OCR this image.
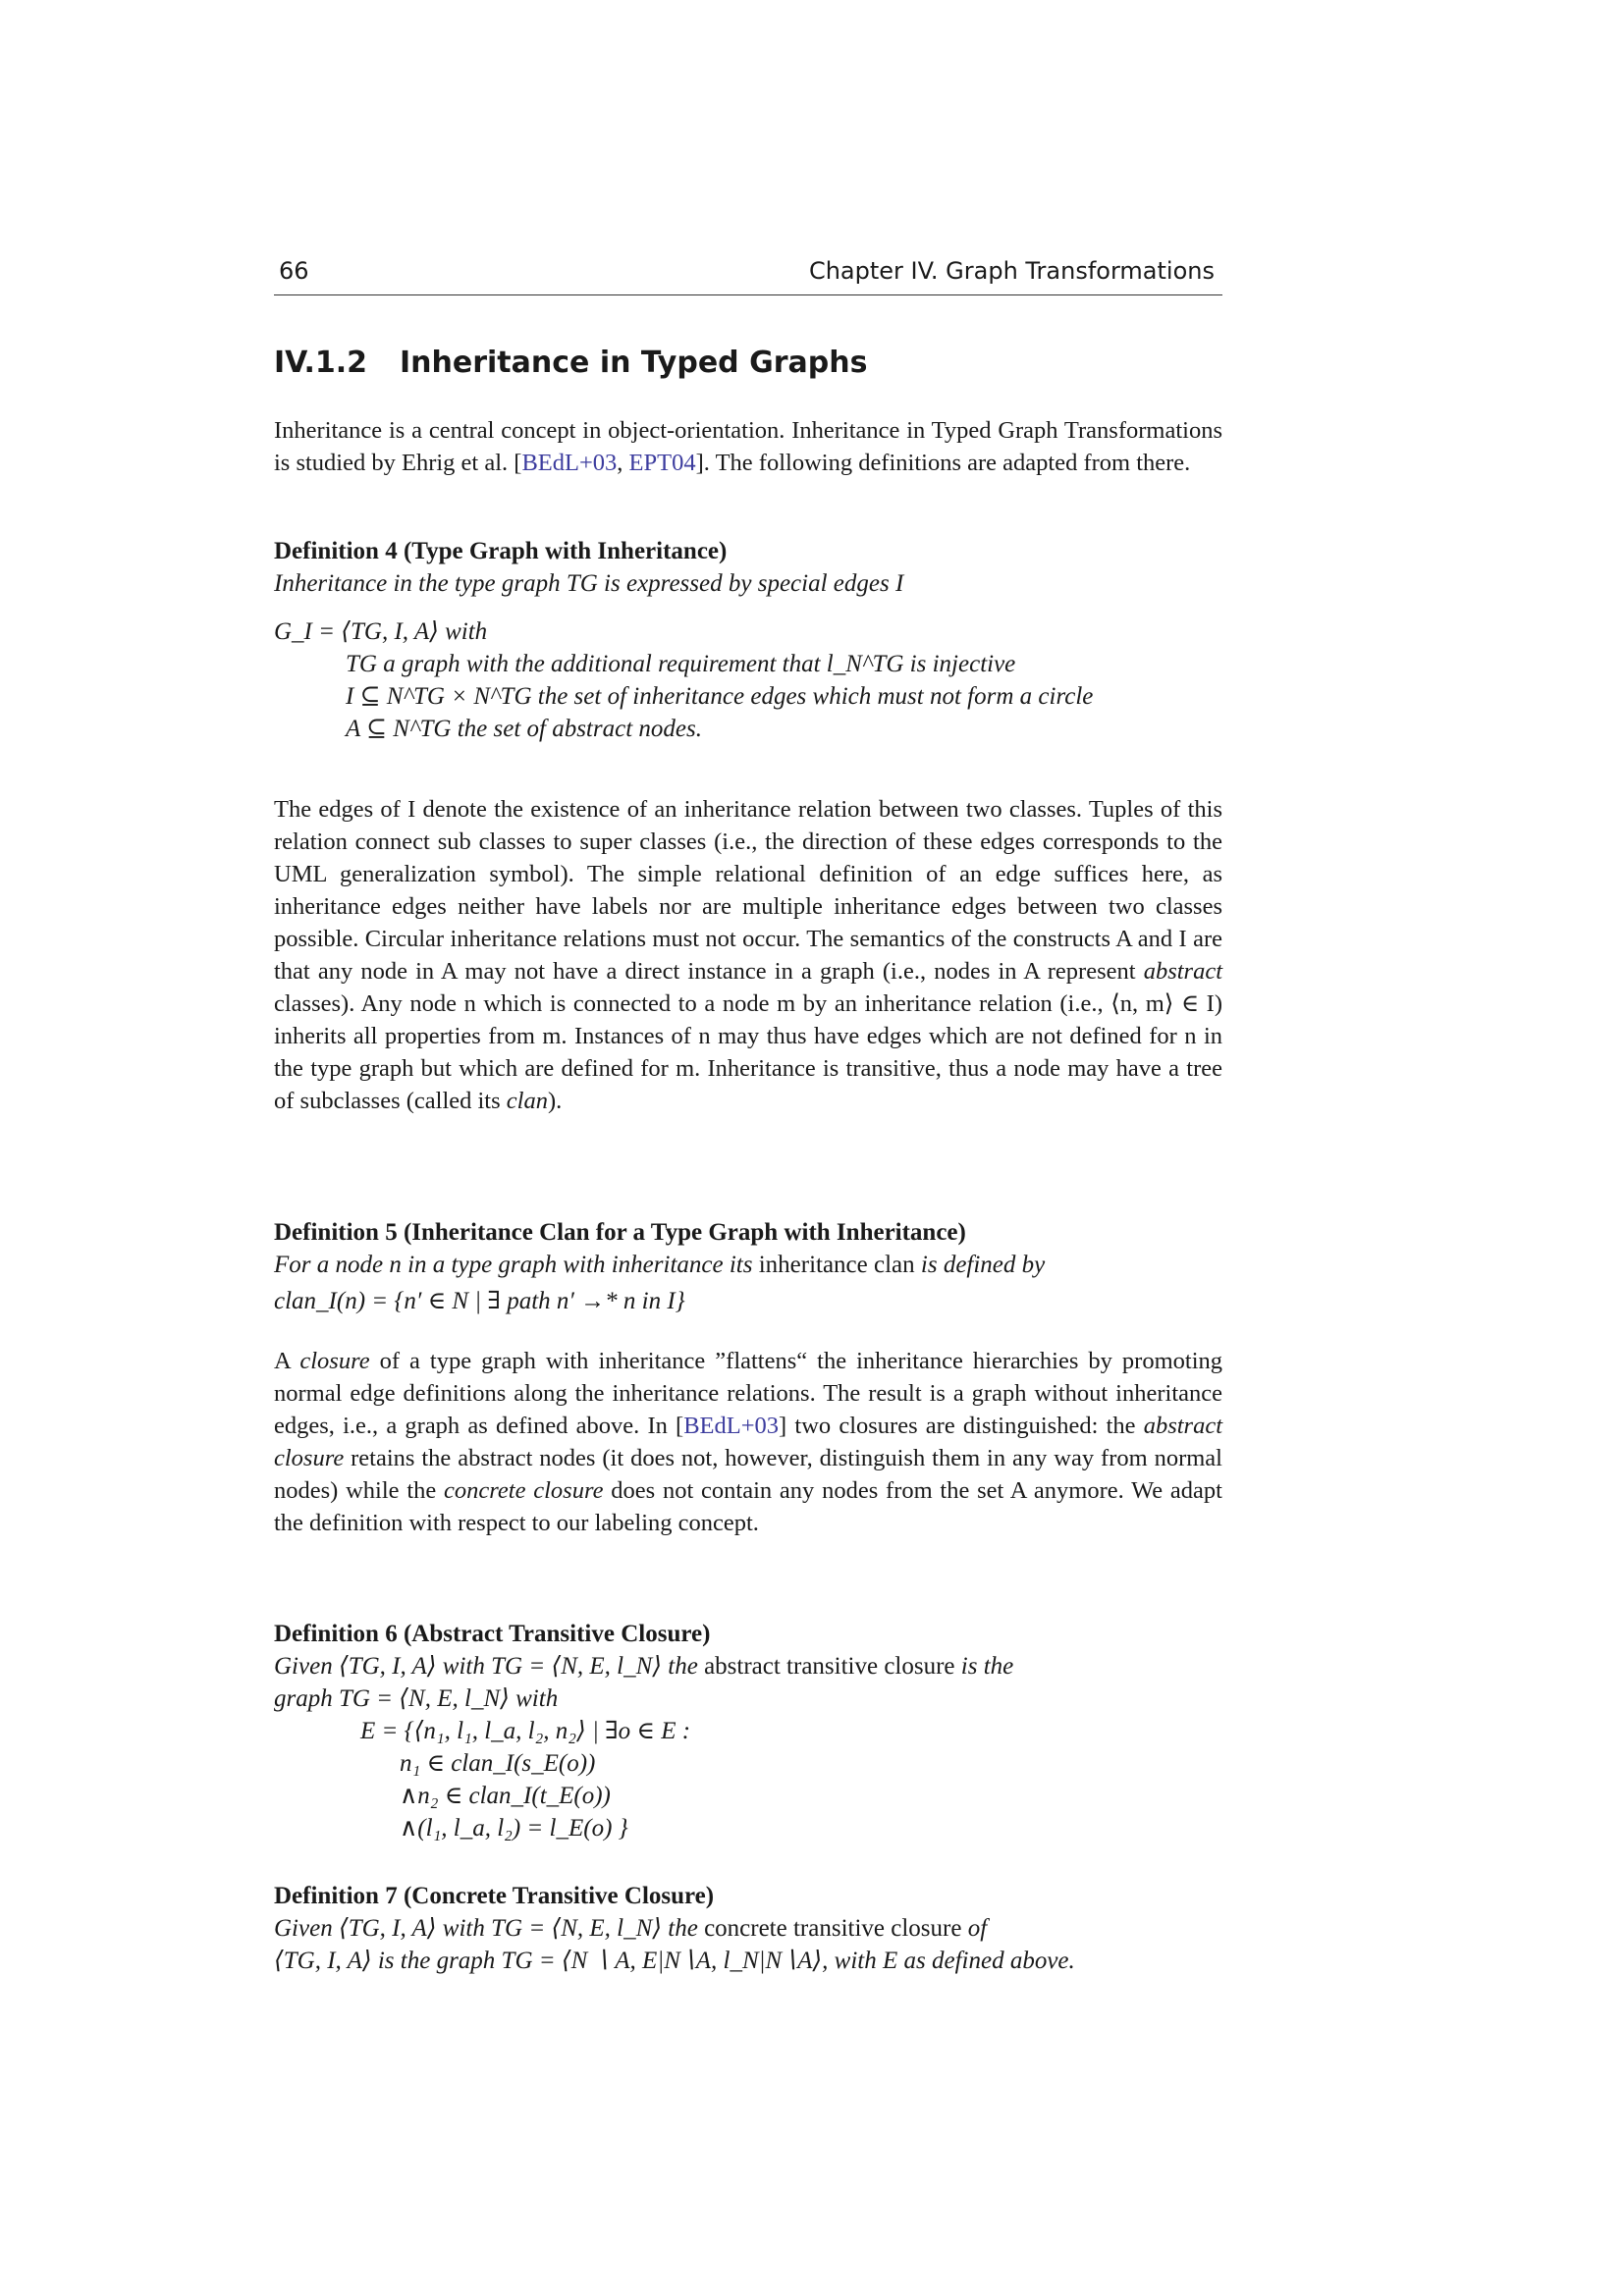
66	Chapter IV. Graph Transformations
IV.1.2 Inheritance in Typed Graphs
Inheritance is a central concept in object-orientation. Inheritance in Typed Graph Transformations is studied by Ehrig et al. [BEdL+03, EPT04]. The following definitions are adapted from there.
Definition 4 (Type Graph with Inheritance)
Inheritance in the type graph TG is expressed by special edges I
G_I = ⟨TG, I, A⟩ with
TG a graph with the additional requirement that l_N^TG is injective
I ⊆ N^TG × N^TG the set of inheritance edges which must not form a circle
A ⊆ N^TG the set of abstract nodes.
The edges of I denote the existence of an inheritance relation between two classes. Tuples of this relation connect sub classes to super classes (i.e., the direction of these edges corresponds to the UML generalization symbol). The simple relational definition of an edge suffices here, as inheritance edges neither have labels nor are multiple inheritance edges between two classes possible. Circular inheritance relations must not occur. The semantics of the constructs A and I are that any node in A may not have a direct instance in a graph (i.e., nodes in A represent abstract classes). Any node n which is connected to a node m by an inheritance relation (i.e., ⟨n, m⟩ ∈ I) inherits all properties from m. Instances of n may thus have edges which are not defined for n in the type graph but which are defined for m. Inheritance is transitive, thus a node may have a tree of subclasses (called its clan).
Definition 5 (Inheritance Clan for a Type Graph with Inheritance)
For a node n in a type graph with inheritance its inheritance clan is defined by
clan_I(n) = {n′ ∈ N | ∃ path n′ →* n in I}
A closure of a type graph with inheritance ”flattens“ the inheritance hierarchies by promoting normal edge definitions along the inheritance relations. The result is a graph without inheritance edges, i.e., a graph as defined above. In [BEdL+03] two closures are distinguished: the abstract closure retains the abstract nodes (it does not, however, distinguish them in any way from normal nodes) while the concrete closure does not contain any nodes from the set A anymore. We adapt the definition with respect to our labeling concept.
Definition 6 (Abstract Transitive Closure)
Given ⟨TG, I, A⟩ with TG = ⟨N, E, l_N⟩ the abstract transitive closure is the
graph TG = ⟨N, E, l_N⟩ with
E = {⟨n₁, l₁, l_a, l₂, n₂⟩ | ∃o ∈ E :
n₁ ∈ clan_I(s_E(o))
∧n₂ ∈ clan_I(t_E(o))
∧(l₁, l_a, l₂) = l_E(o) }
Definition 7 (Concrete Transitive Closure)
Given ⟨TG, I, A⟩ with TG = ⟨N, E, l_N⟩ the concrete transitive closure of
⟨TG, I, A⟩ is the graph TG = ⟨N ∖ A, E|N∖A, l_N|N∖A⟩, with E as defined above.
